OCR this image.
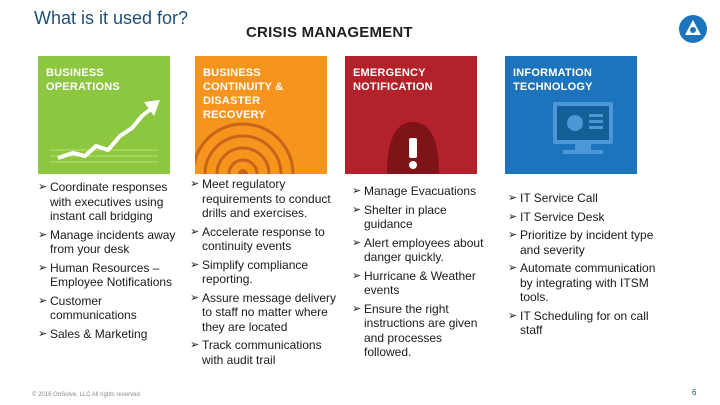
What is it used for?
CRISIS MANAGEMENT
BUSINESS OPERATIONS
BUSINESS CONTINUITY & DISASTER RECOVERY
EMERGENCY NOTIFICATION
INFORMATION TECHNOLOGY
➢ Coordinate responses with executives using instant call bridging
➢ Manage incidents away from your desk
➢ Human Resources – Employee Notifications
➢ Customer communications
➢ Sales & Marketing
➢ Meet regulatory requirements to conduct drills and exercises.
➢ Accelerate response to continuity events
➢ Simplify compliance reporting.
➢ Assure message delivery to staff no matter where they are located
➢ Track communications with audit trail
➢ Manage Evacuations
➢ Shelter in place guidance
➢ Alert employees about danger quickly.
➢ Hurricane & Weather events
➢ Ensure the right instructions are given and processes followed.
➢ IT Service Call
➢ IT Service Desk
➢ Prioritize by incident type and severity
➢ Automate communication by integrating with ITSM tools.
➢ IT Scheduling for on call staff
© 2016 OnSolve, LLC All rights reserved	6
